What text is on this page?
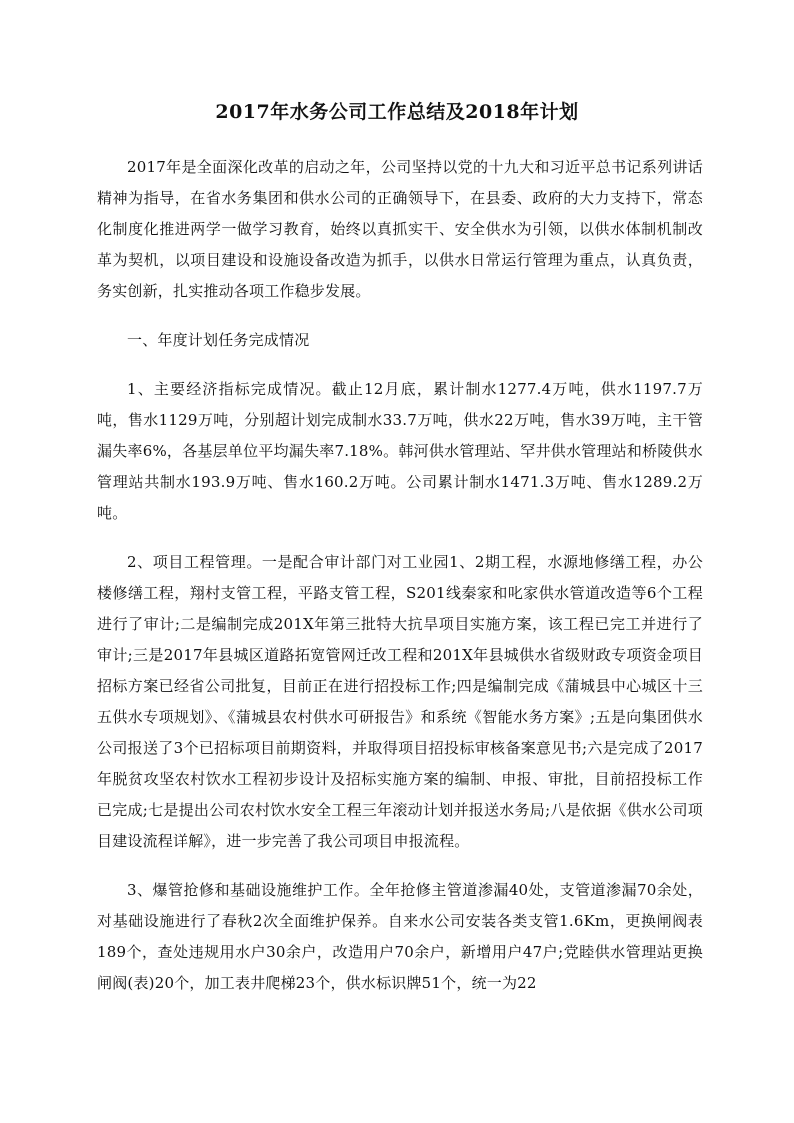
2017年水务公司工作总结及2018年计划

2017年是全面深化改革的启动之年，公司坚持以党的十九大和习近平总书记系列讲话精神为指导，在省水务集团和供水公司的正确领导下，在县委、政府的大力支持下，常态化制度化推进两学一做学习教育，始终以真抓实干、安全供水为引领，以供水体制机制改革为契机，以项目建设和设施设备改造为抓手，以供水日常运行管理为重点，认真负责，务实创新，扎实推动各项工作稳步发展。

一、年度计划任务完成情况

1、主要经济指标完成情况。截止12月底，累计制水1277.4万吨，供水1197.7万吨，售水1129万吨，分别超计划完成制水33.7万吨，供水22万吨，售水39万吨，主干管漏失率6%，各基层单位平均漏失率7.18%。韩河供水管理站、罕井供水管理站和桥陵供水管理站共制水193.9万吨、售水160.2万吨。公司累计制水1471.3万吨、售水1289.2万吨。

2、项目工程管理。一是配合审计部门对工业园1、2期工程，水源地修缮工程，办公楼修缮工程，翔村支管工程，平路支管工程，S201线秦家和叱家供水管道改造等6个工程进行了审计;二是编制完成201X年第三批特大抗旱项目实施方案，该工程已完工并进行了审计;三是2017年县城区道路拓宽管网迁改工程和201X年县城供水省级财政专项资金项目招标方案已经省公司批复，目前正在进行招投标工作;四是编制完成《蒲城县中心城区十三五供水专项规划》、《蒲城县农村供水可研报告》和系统《智能水务方案》;五是向集团供水公司报送了3个已招标项目前期资料，并取得项目招投标审核备案意见书;六是完成了2017年脱贫攻坚农村饮水工程初步设计及招标实施方案的编制、申报、审批，目前招投标工作已完成;七是提出公司农村饮水安全工程三年滚动计划并报送水务局;八是依据《供水公司项目建设流程详解》，进一步完善了我公司项目申报流程。

3、爆管抢修和基础设施维护工作。全年抢修主管道渗漏40处，支管道渗漏70余处，对基础设施进行了春秋2次全面维护保养。自来水公司安装各类支管1.6Km，更换闸阀表189个，查处违规用水户30余户，改造用户70余户，新增用户47户;党睦供水管理站更换闸阀(表)20个，加工表井爬梯23个，供水标识牌51个，统一为22
